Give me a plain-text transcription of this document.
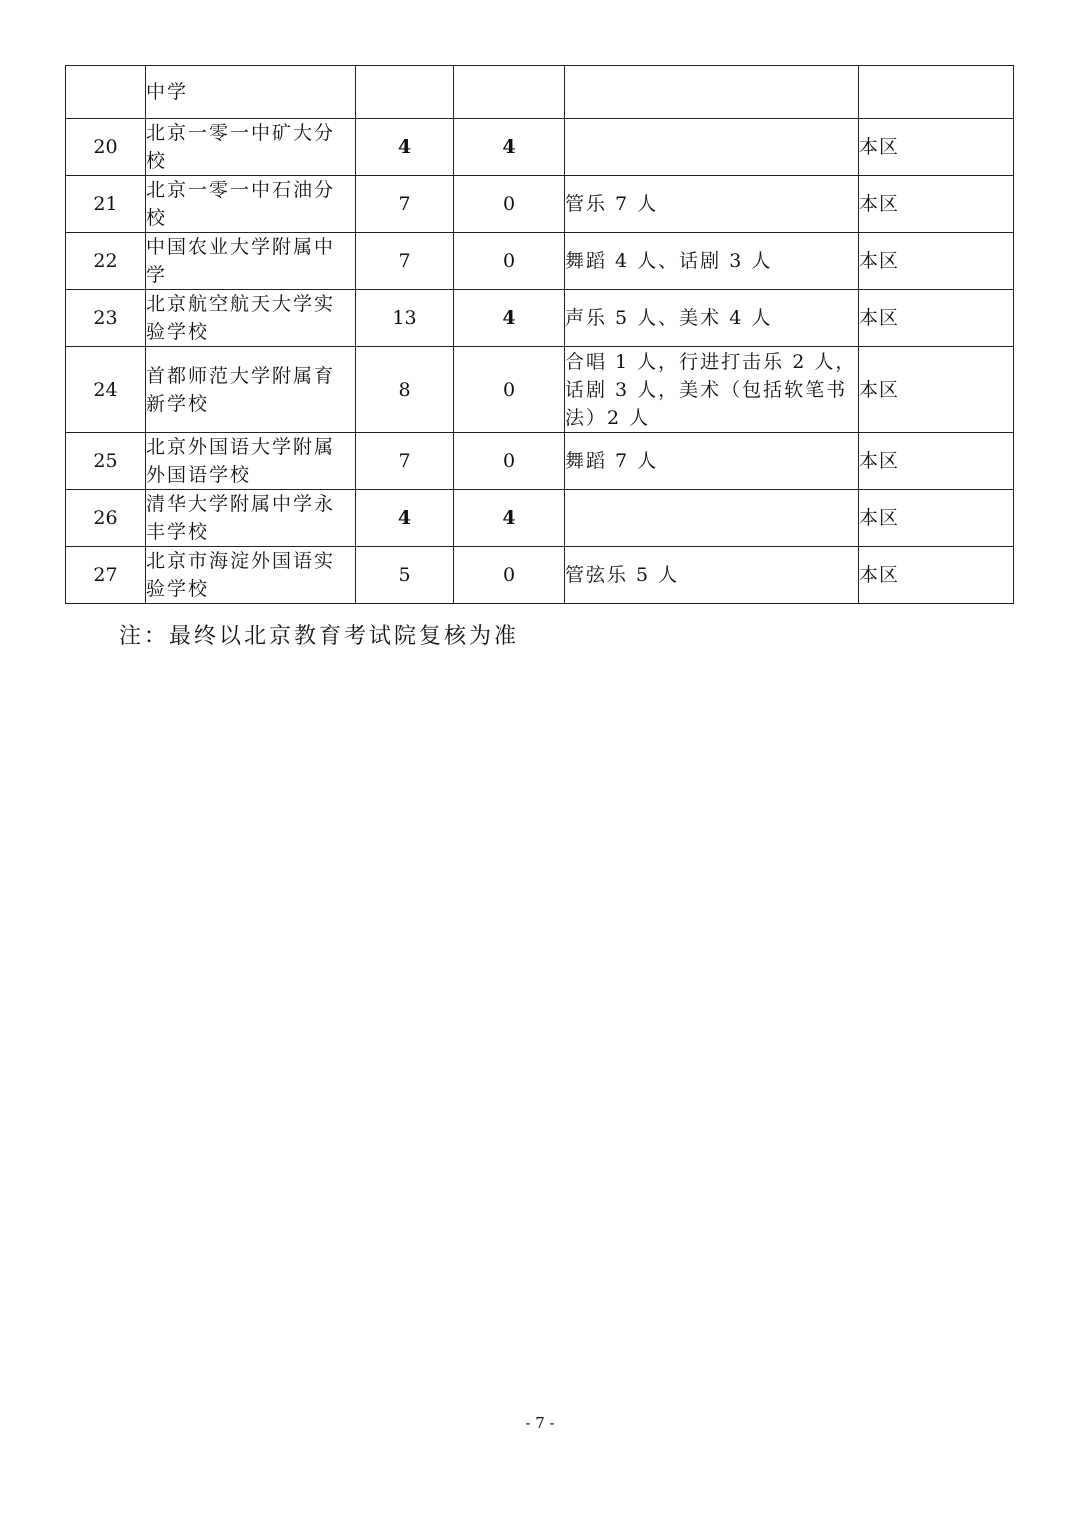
	中学				
20	北京一零一中矿大分校	4	4		本区
21	北京一零一中石油分校	7	0	管乐 7 人	本区
22	中国农业大学附属中学	7	0	舞蹈 4 人、话剧 3 人	本区
23	北京航空航天大学实验学校	13	4	声乐 5 人、美术 4 人	本区
24	首都师范大学附属育新学校	8	0	合唱 1 人，行进打击乐 2 人，话剧 3 人，美术（包括软笔书法）2 人	本区
25	北京外国语大学附属外国语学校	7	0	舞蹈 7 人	本区
26	清华大学附属中学永丰学校	4	4		本区
27	北京市海淀外国语实验学校	5	0	管弦乐 5 人	本区
注：最终以北京教育考试院复核为准
- 7 -
